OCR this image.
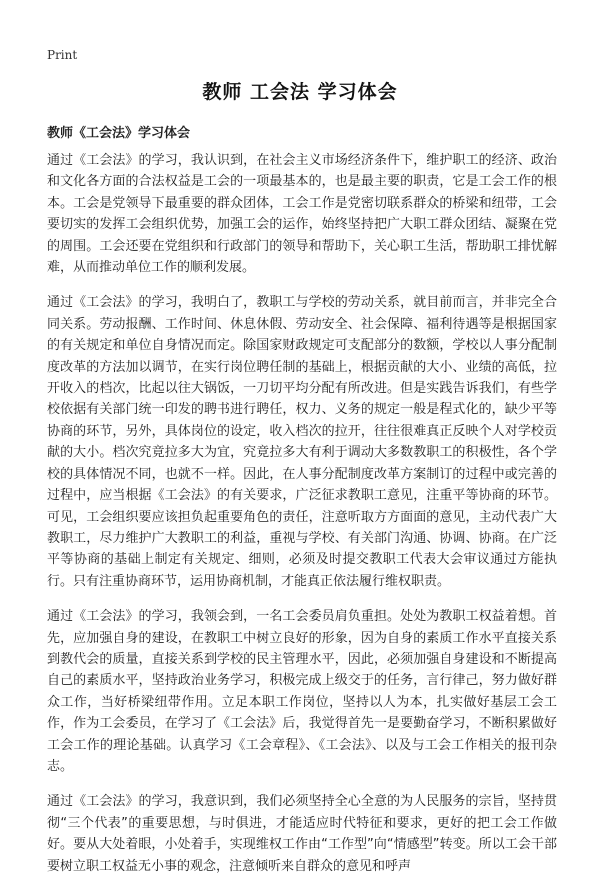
Print
教师 工会法 学习体会
教师《工会法》学习体会

通过《工会法》的学习，我认识到，在社会主义市场经济条件下，维护职工的经济、政治和文化各方面的合法权益是工会的一项最基本的，也是最主要的职责，它是工会工作的根本。工会是党领导下最重要的群众团体，工会工作是党密切联系群众的桥梁和纽带，工会要切实的发挥工会组织优势，加强工会的运作，始终坚持把广大职工群众团结、凝聚在党的周围。工会还要在党组织和行政部门的领导和帮助下，关心职工生活，帮助职工排忧解难，从而推动单位工作的顺利发展。

通过《工会法》的学习，我明白了，教职工与学校的劳动关系，就目前而言，并非完全合同关系。劳动报酬、工作时间、休息休假、劳动安全、社会保障、福利待遇等是根据国家的有关规定和单位自身情况而定。除国家财政规定可支配部分的数额，学校以人事分配制度改革的方法加以调节，在实行岗位聘任制的基础上，根据贡献的大小、业绩的高低，拉开收入的档次，比起以往大锅饭，一刀切平均分配有所改进。但是实践告诉我们，有些学校依据有关部门统一印发的聘书进行聘任，权力、义务的规定一般是程式化的，缺少平等协商的环节，另外，具体岗位的设定，收入档次的拉开，往往很难真正反映个人对学校贡献的大小。档次究竟拉多大为宜，究竟拉多大有利于调动大多数教职工的积极性，各个学校的具体情况不同，也就不一样。因此，在人事分配制度改革方案制订的过程中或完善的过程中，应当根据《工会法》的有关要求，广泛征求教职工意见，注重平等协商的环节。可见，工会组织要应该担负起重要角色的责任，注意听取方方面面的意见，主动代表广大教职工，尽力维护广大教职工的利益，重视与学校、有关部门沟通、协调、协商。在广泛平等协商的基础上制定有关规定、细则，必须及时提交教职工代表大会审议通过方能执行。只有注重协商环节，运用协商机制，才能真正依法履行维权职责。

通过《工会法》的学习，我领会到，一名工会委员肩负重担。处处为教职工权益着想。首先，应加强自身的建设，在教职工中树立良好的形象，因为自身的素质工作水平直接关系到教代会的质量，直接关系到学校的民主管理水平，因此，必须加强自身建设和不断提高自己的素质水平，坚持政治业务学习，积极完成上级交于的任务，言行律己，努力做好群众工作，当好桥梁纽带作用。立足本职工作岗位，坚持以人为本，扎实做好基层工会工作，作为工会委员，在学习了《工会法》后，我觉得首先一是要勤奋学习，不断积累做好工会工作的理论基础。认真学习《工会章程》、《工会法》、以及与工会工作相关的报刊杂志。

通过《工会法》的学习，我意识到，我们必须坚持全心全意的为人民服务的宗旨，坚持贯彻“三个代表”的重要思想，与时俱进，才能适应时代特征和要求，更好的把工会工作做好。要从大处着眼，小处着手，实现维权工作由“工作型”向“情感型”转变。所以工会干部要树立职工权益无小事的观念，注意倾听来自群众的意见和呼声
